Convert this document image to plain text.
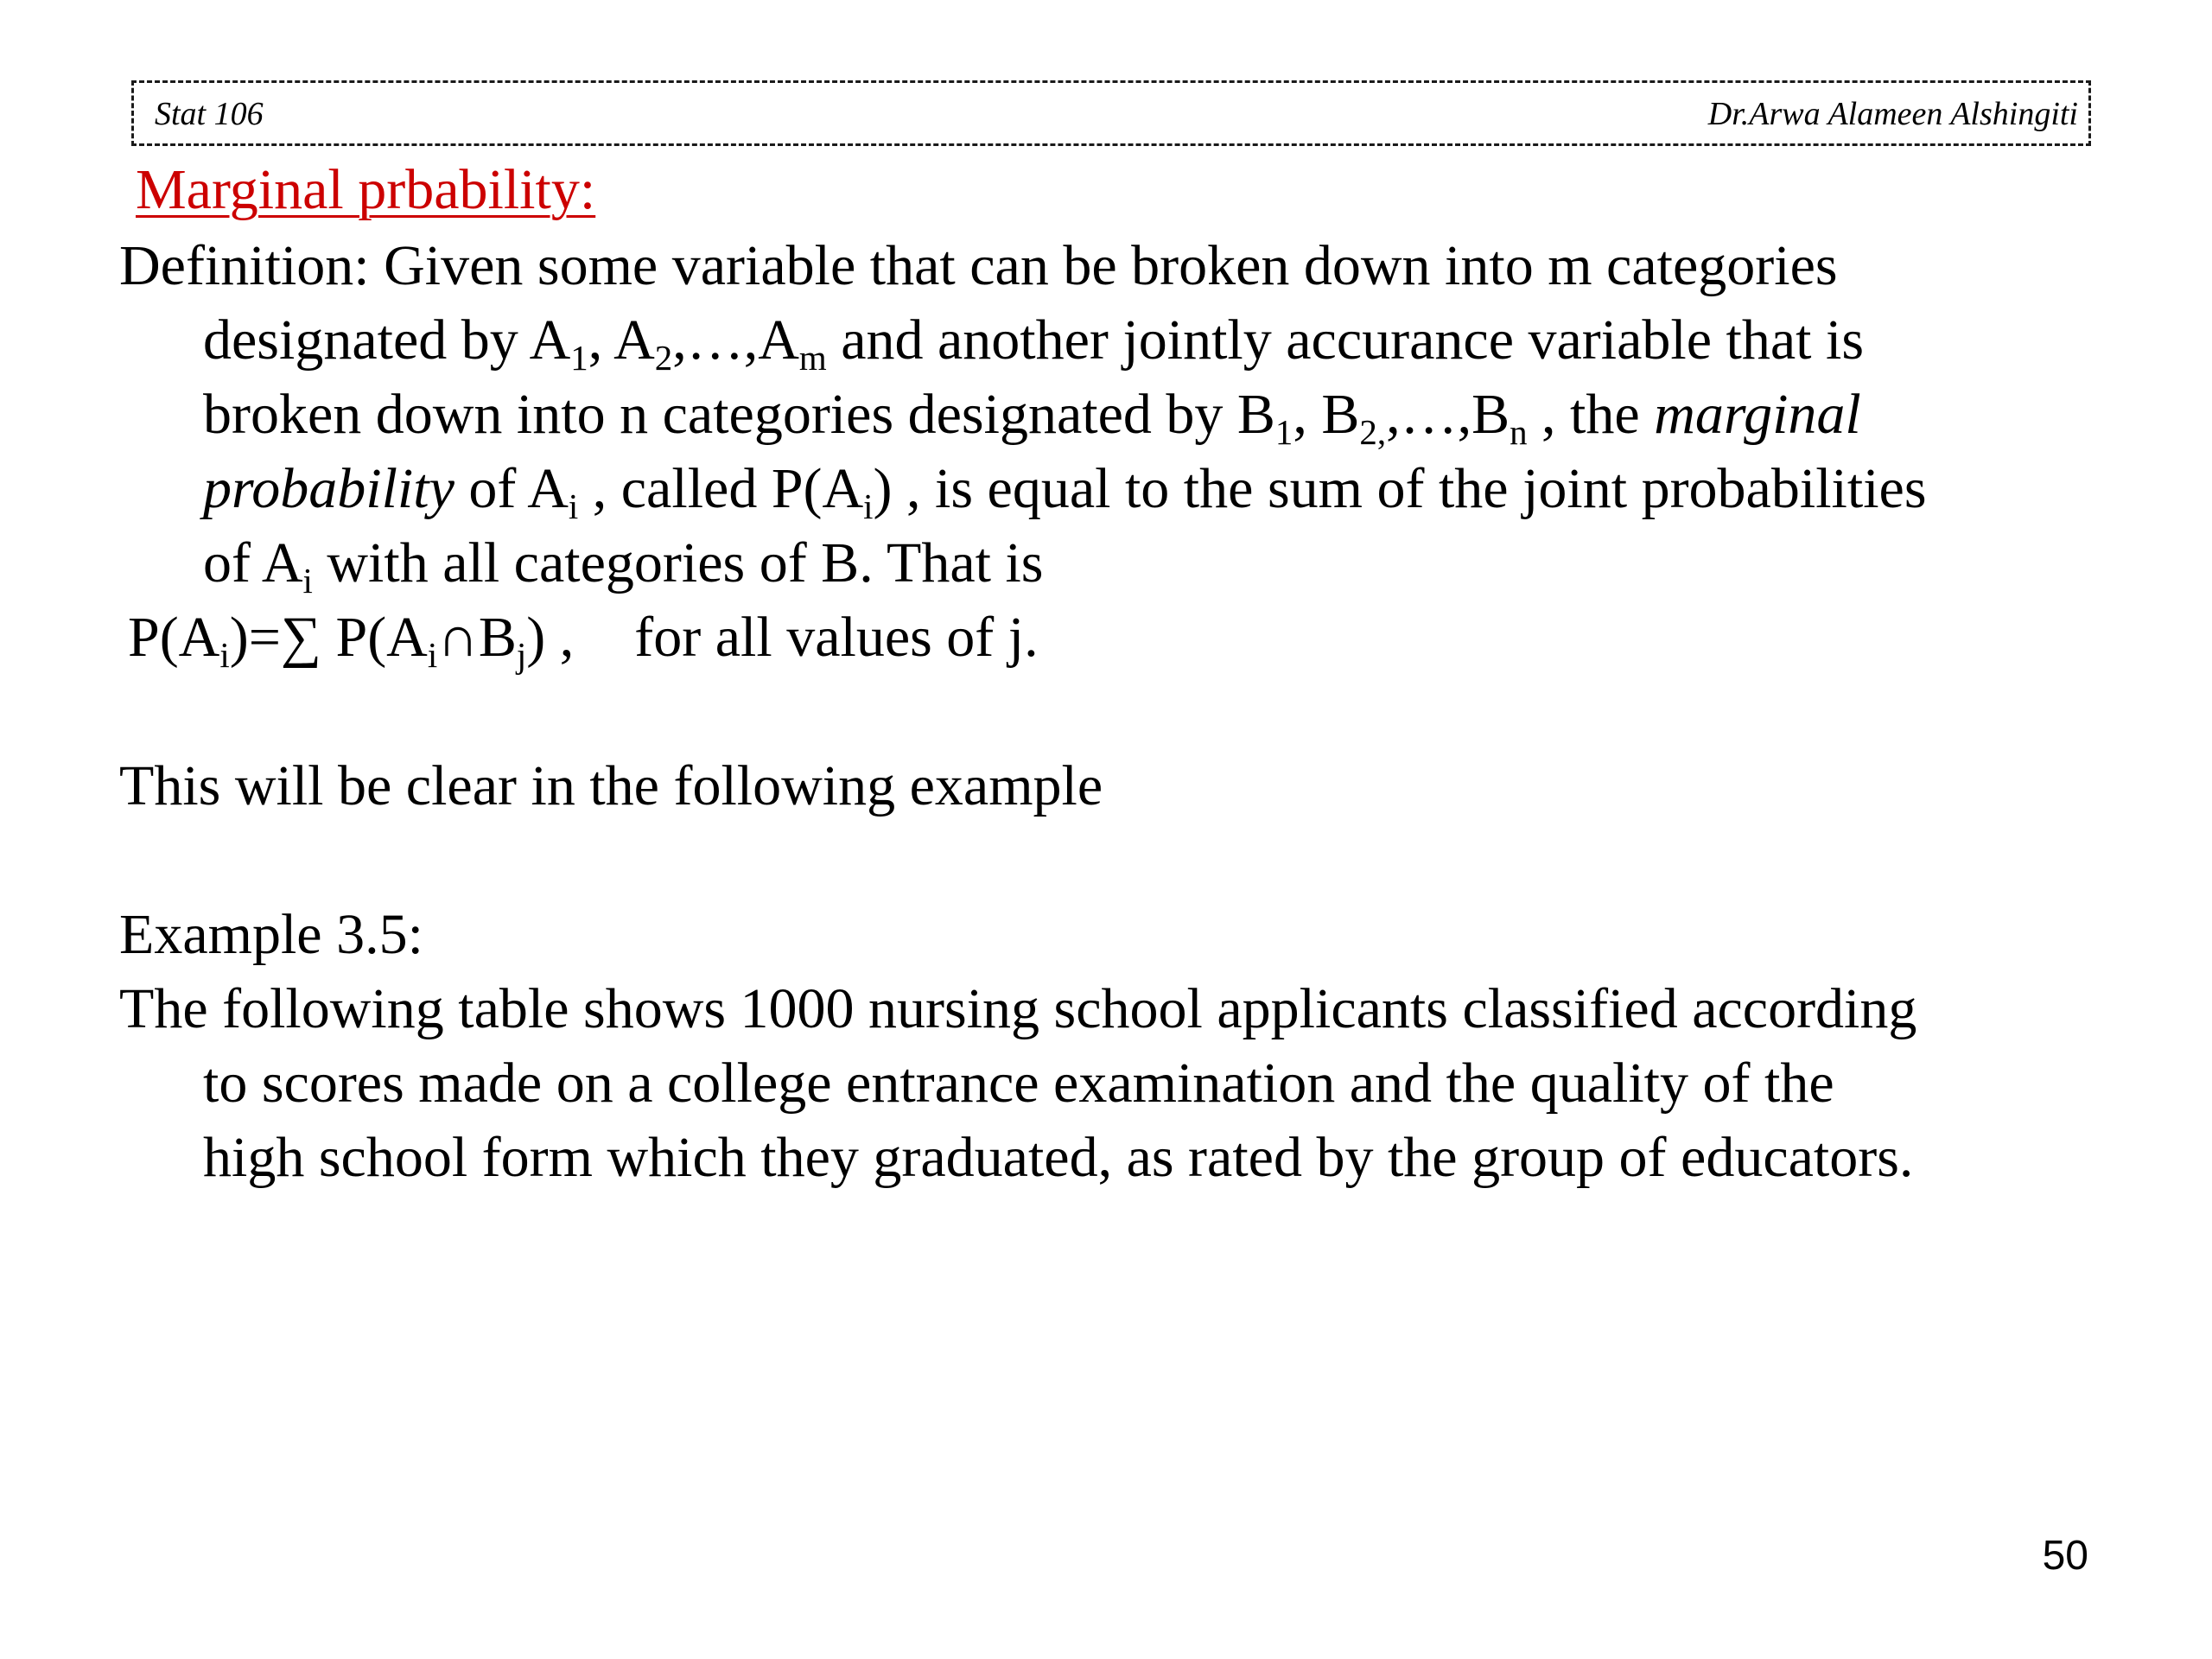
Stat 106	Dr.Arwa Alameen Alshingiti
Marginal prbability:
Definition: Given some variable that can be broken down into m categories
designated by $A_1$, $A_2,\dots,A_m$ and another jointly accurance variable that is
broken down into n categories designated by $B_1$, $B_{2,},\dots,B_n$ , the marginal
probability of $A_i$ , called $P(A_i)$ , is equal to the sum of the joint probabilities
of $A_i$ with all categories of B. That is
$P(A_i)=\sum$ $P(A_i\cap B_j)$ , for all values of j.
This will be clear in the following example
Example 3.5:
The following table shows 1000 nursing school applicants classified according
to scores made on a college entrance examination and the quality of the
high school form which they graduated, as rated by the group of educators.
50
